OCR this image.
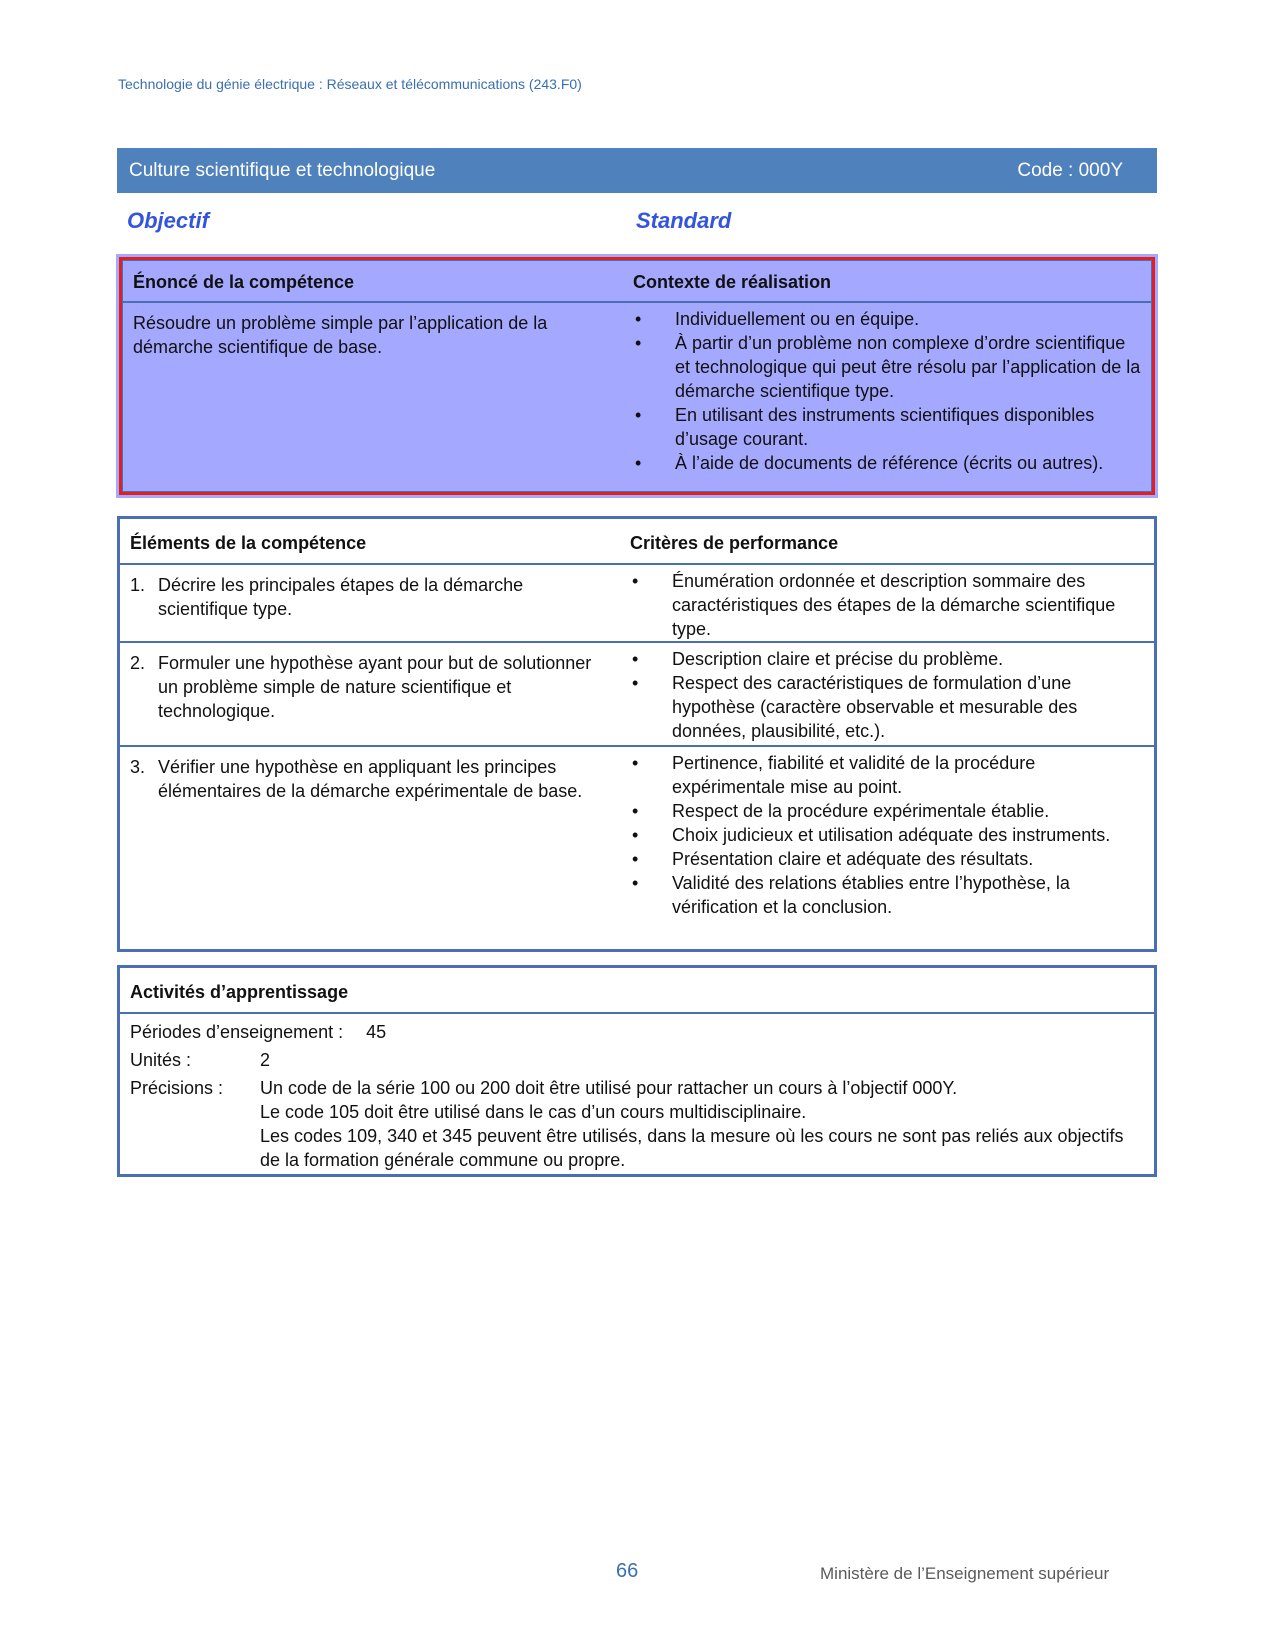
Technologie du génie électrique : Réseaux et télécommunications (243.F0)
Culture scientifique et technologique	Code : 000Y
Objectif	Standard
Énoncé de la compétence	Contexte de réalisation
Résoudre un problème simple par l’application de la démarche scientifique de base.
• Individuellement ou en équipe.
• À partir d’un problème non complexe d’ordre scientifique et technologique qui peut être résolu par l’application de la démarche scientifique type.
• En utilisant des instruments scientifiques disponibles d’usage courant.
• À l’aide de documents de référence (écrits ou autres).
Éléments de la compétence	Critères de performance
1. Décrire les principales étapes de la démarche scientifique type.
• Énumération ordonnée et description sommaire des caractéristiques des étapes de la démarche scientifique type.
2. Formuler une hypothèse ayant pour but de solutionner un problème simple de nature scientifique et technologique.
• Description claire et précise du problème.
• Respect des caractéristiques de formulation d’une hypothèse (caractère observable et mesurable des données, plausibilité, etc.).
3. Vérifier une hypothèse en appliquant les principes élémentaires de la démarche expérimentale de base.
• Pertinence, fiabilité et validité de la procédure expérimentale mise au point.
• Respect de la procédure expérimentale établie.
• Choix judicieux et utilisation adéquate des instruments.
• Présentation claire et adéquate des résultats.
• Validité des relations établies entre l’hypothèse, la vérification et la conclusion.
Activités d’apprentissage
Périodes d’enseignement : 45
Unités :	2
Précisions : Un code de la série 100 ou 200 doit être utilisé pour rattacher un cours à l’objectif 000Y.
Le code 105 doit être utilisé dans le cas d’un cours multidisciplinaire.
Les codes 109, 340 et 345 peuvent être utilisés, dans la mesure où les cours ne sont pas reliés aux objectifs de la formation générale commune ou propre.
66	Ministère de l’Enseignement supérieur
